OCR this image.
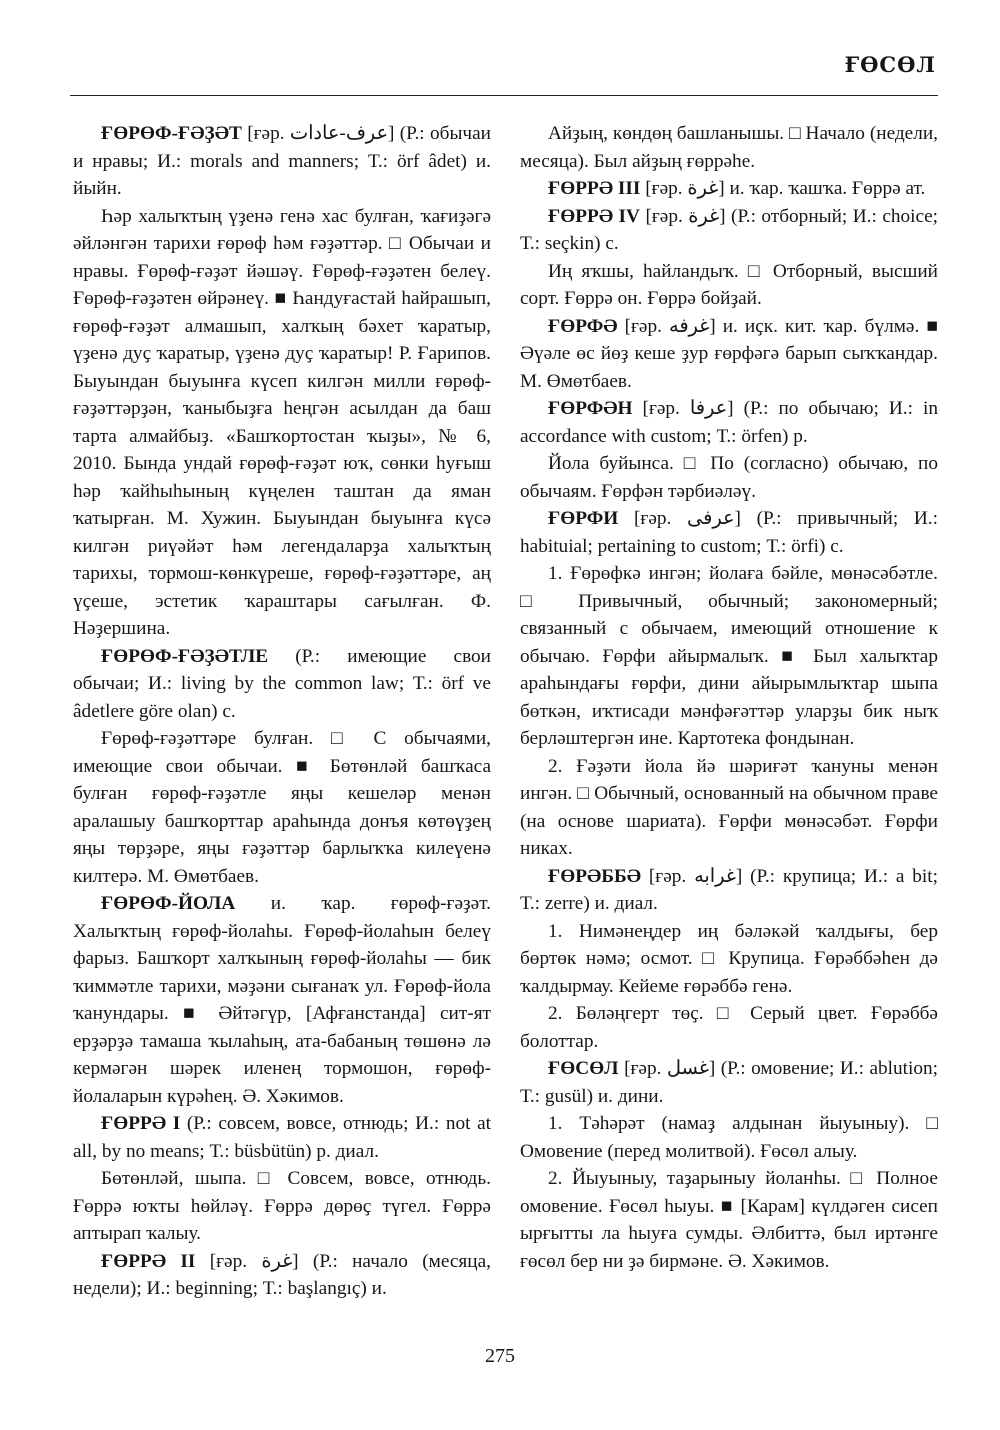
ҒӨСӨЛ

ҒӨРӨФ-ҒӘҘӘТ [ғәр. عرف-عادات] (Р.: обычаи и нравы; И.: morals and manners; Т.: örf âdet) и. йыйн.

Һәр халыҡтың үҙенә генә хас булған, ҡағиҙәгә әйләнгән тарихи ғөрөф һәм ғәҙәттәр. □ Обычаи и нравы. Ғөрөф-ғәҙәт йәшәү. Ғөрөф-ғәҙәтен белеү. Ғөрөф-ғәҙәтен өйрәнеү. ■ Һандуғастай һайрашып, ғөрөф-ғәҙәт алмашып, халҡың бәхет ҡаратыр, үҙенә дуҫ ҡаратыр, үҙенә дуҫ ҡаратыр! Р. Ғарипов. Быуындан быуынға күсеп килгән милли ғөрөф-ғәҙәттәрҙән, ҡаныбыҙға һеңгән асылдан да баш тарта алмайбыҙ. «Башҡортостан ҡыҙы», № 6, 2010. Бында ундай ғөрөф-ғәҙәт юҡ, сөнки һуғыш һәр ҡайһыһының күңелен таштан да яман ҡатырған. М. Хужин. Быуындан быуынға күсә килгән риүәйәт һәм легендаларҙа халыҡтың тарихы, тормош-көнкүреше, ғөрөф-ғәҙәттәре, аң үҫеше, эстетик ҡараштары сағылған. Ф. Нәҙершина.

ҒӨРӨФ-ҒӘҘӘТЛЕ (Р.: имеющие свои обычаи; И.: living by the common law; Т.: örf ve âdetlere göre olan) с.

Ғөрөф-ғәҙәттәре булған. □ С обычаями, имеющие свои обычаи. ■ Бөтөнләй башҡаса булған ғөрөф-ғәҙәтле яңы кешеләр менән аралашыу башҡорттар араһында донъя көтөүҙең яңы төрҙәре, яңы ғәҙәттәр барлыҡҡа килеүенә килтерә. М. Өмөтбаев.

ҒӨРӨФ-ЙОЛА и. ҡар. ғөрөф-ғәҙәт. Халыҡтың ғөрөф-йолаһы. Ғөрөф-йолаһын белеү фарыз. Башҡорт халҡының ғөрөф-йолаһы — бик ҡиммәтле тарихи, мәҙәни сығанаҡ ул. Ғөрөф-йола ҡанундары. ■ Әйтәгүр, [Афғанстанда] сит-ят ерҙәрҙә тамаша ҡылаһың, ата-бабаның төшөнә лә кермәгән шәрек иленең тормошон, ғөрөф-йолаларын күрәһең. Ә. Хәкимов.

ҒӨРРӘ I (Р.: совсем, вовсе, отнюдь; И.: not at all, by no means; Т.: büsbütün) р. диал.

Бөтөнләй, шыпа. □ Совсем, вовсе, отнюдь. Ғөррә юҡты һөйләү. Ғөррә дөрөҫ түгел. Ғөррә аптырап ҡалыу.

ҒӨРРӘ II [ғәр. غرة] (Р.: начало (месяца, недели); И.: beginning; Т.: başlangıç) и.

Айҙың, көндөң башланышы. □ Начало (недели, месяца). Был айҙың ғөррәһе.

ҒӨРРӘ III [ғәр. غرة] и. ҡар. ҡашҡа. Ғөррә ат.

ҒӨРРӘ IV [ғәр. غرة] (Р.: отборный; И.: choice; Т.: seçkin) с.

Иң яҡшы, һайландыҡ. □ Отборный, высший сорт. Ғөррә он. Ғөррә бойҙай.

ҒӨРФӘ [ғәр. غرفه] и. иҫк. кит. ҡар. бүлмә. ■ Әүәле өс йөҙ кеше ҙур ғөрфәгә барып сыҡҡандар. М. Өмөтбаев.

ҒӨРФӘН [ғәр. عرفا] (Р.: по обычаю; И.: in accordance with custom; Т.: örfen) р.

Йола буйынса. □ По (согласно) обычаю, по обычаям. Ғөрфән тәрбиәләү.

ҒӨРФИ [ғәр. عرفی] (Р.: привычный; И.: habituial; pertaining to custom; Т.: örfi) с.

1. Ғөрөфкә ингән; йолаға бәйле, мөнәсәбәтле. □ Привычный, обычный; закономерный; связанный с обычаем, имеющий отношение к обычаю. Ғөрфи айырмалыҡ. ■ Был халыҡтар араһындағы ғөрфи, дини айырымлыҡтар шыпа бөткән, иҡтисади мәнфәғәттәр уларҙы бик ныҡ берләштергән ине. Картотека фондынан.

2. Ғәҙәти йола йә шәриғәт ҡануны менән ингән. □ Обычный, основанный на обычном праве (на основе шариата). Ғөрфи мөнәсәбәт. Ғөрфи никах.

ҒӨРӘББӘ [ғәр. غرابه] (Р.: крупица; И.: a bit; Т.: zerre) и. диал.

1. Нимәнеңдер иң бәләкәй ҡалдығы, бер бөртөк нәмә; осмот. □ Крупица. Ғөрәббәһен дә ҡалдырмау. Кейеме ғөрәббә генә.

2. Бөләңгерт төҫ. □ Серый цвет. Ғөрәббә болоттар.

ҒӨСӨЛ [ғәр. غسل] (Р.: омовение; И.: ablution; Т.: gusül) и. дини.

1. Тәһәрәт (намаҙ алдынан йыуыныу). □ Омовение (перед молитвой). Ғөсөл алыу.

2. Йыуыныу, таҙарыныу йоланһы. □ Полное омовение. Ғөсөл һыуы. ■ [Карам] күлдәген сисеп ырғытты ла һыуға сумды. Әлбиттә, был иртәнге ғөсөл бер ни ҙә бирмәне. Ә. Хәкимов.

275
